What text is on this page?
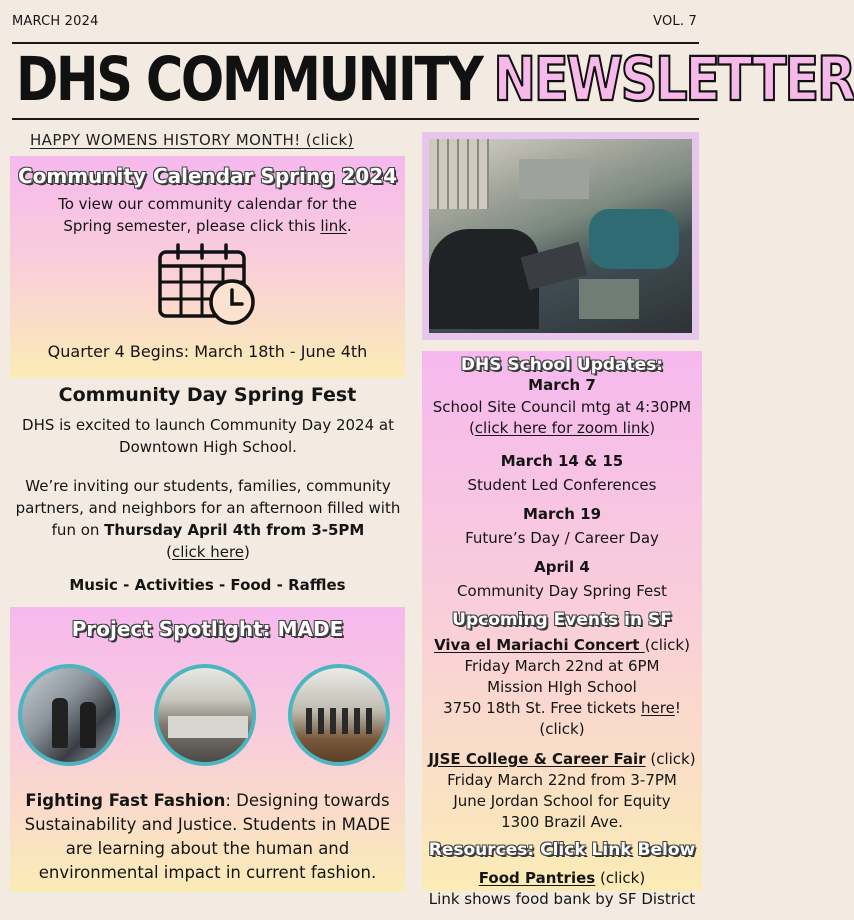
MARCH 2024	VOL. 7
DHS COMMUNITY NEWSLETTER
HAPPY WOMENS HISTORY MONTH! (click)
Community Calendar Spring 2024
To view our community calendar for the Spring semester, please click this link.
Quarter 4 Begins: March 18th - June 4th
Community Day Spring Fest
DHS is excited to launch Community Day 2024 at Downtown High School.
We’re inviting our students, families, community partners, and neighbors for an afternoon filled with fun on Thursday April 4th from 3-5PM
(click here)
Music - Activities - Food - Raffles
Project Spotlight: MADE
Fighting Fast Fashion: Designing towards Sustainability and Justice. Students in MADE are learning about the human and environmental impact in current fashion.
DHS School Updates:
March 7
School Site Council mtg at 4:30PM
(click here for zoom link)
March 14 & 15
Student Led Conferences
March 19
Future’s Day / Career Day
April 4
Community Day Spring Fest
Upcoming Events in SF
Viva el Mariachi Concert (click)
Friday March 22nd at 6PM
Mission HIgh School
3750 18th St. Free tickets here! (click)
JJSE College & Career Fair (click)
Friday March 22nd from 3-7PM
June Jordan School for Equity
1300 Brazil Ave.
Resources: Click Link Below
Food Pantries (click)
Link shows food bank by SF District
